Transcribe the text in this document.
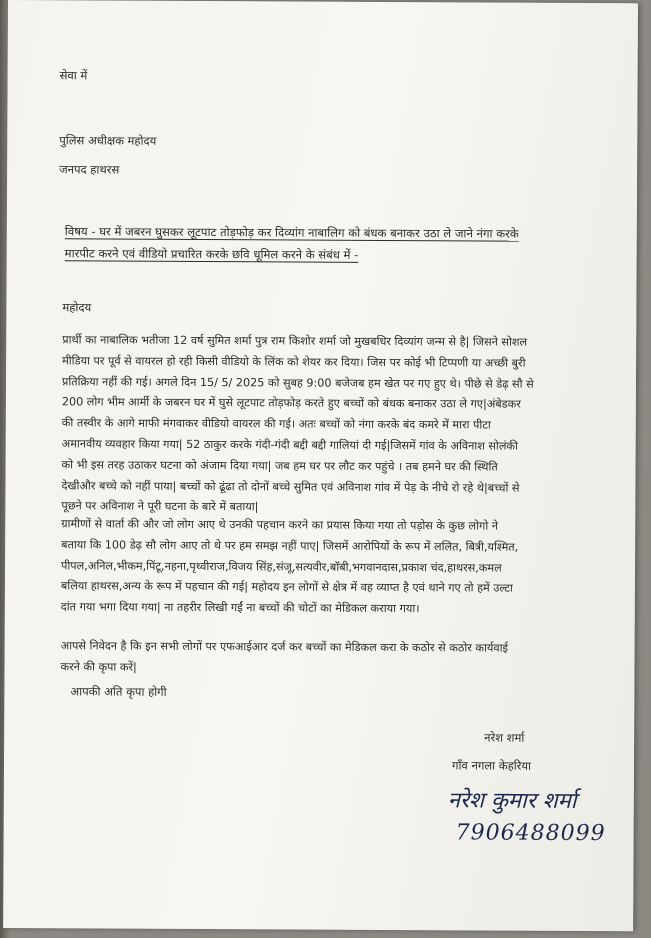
सेवा में
पुलिस अधीक्षक महोदय
जनपद हाथरस
विषय - घर में जबरन घुसकर लूटपाट तोड़फोड़ कर दिव्यांग नाबालिग को बंधक बनाकर उठा ले जाने नंगा करके
मारपीट करने एवं वीडियो प्रचारित करके छवि धूमिल करने के संबंध में -
महोदय
प्रार्थी का नाबालिक भतीजा 12 वर्ष सुमित शर्मा पुत्र राम किशोर शर्मा जो मुखबधिर दिव्यांग जन्म से है| जिसने सोशल
मीडिया पर पूर्व से वायरल हो रही किसी वीडियो के लिंक को शेयर कर दिया। जिस पर कोई भी टिप्पणी या अच्छी बुरी
प्रतिक्रिया नहीं की गई। अगले दिन 15/ 5/ 2025 को सुबह 9:00 बजेजब हम खेत पर गए हुए थे। पीछे से डेढ़ सौ से
200 लोग भीम आर्मी के जबरन घर में घुसे लूटपाट तोड़फोड़ करते हुए बच्चों को बंधक बनाकर उठा ले गए|अंबेडकर
की तस्वीर के आगे माफी मंगवाकर वीडियो वायरल की गई। अतः बच्चों को नंगा करके बंद कमरे में मारा पीटा
अमानवीय व्यवहार किया गया| 52 ठाकुर करके गंदी-गंदी बद्दी बद्दी गालियां दी गई|जिसमें गांव के अविनाश सोलंकी
को भी इस तरह उठाकर घटना को अंजाम दिया गया| जब हम घर पर लौट कर पहुंचे । तब हमने घर की स्थिति
देखीऔर बच्चे को नहीं पाया| बच्चों को ढूंढा तो दोनों बच्चे सुमित एवं अविनाश गांव में पेड़ के नीचे रो रहे थे|बच्चों से
पूछने पर अविनाश ने पूरी घटना के बारे में बताया|
ग्रामीणों से वार्ता की और जो लोग आए थे उनकी पहचान करने का प्रयास किया गया तो पड़ोस के कुछ लोगो ने
बताया कि 100 डेढ़ सौ लोग आए तो थे पर हम समझ नहीं पाए| जिसमें आरोपियों के रूप में ललित, बित्री,यश्मित,
पीपल,अनिल,भीकम,पिंटू,नहना,पृथ्वीराज,विजय सिंह,संजू,सत्यवीर,बॉबी,भगवानदास,प्रकाश चंद,हाथरस,कमल
बलिया हाथरस,अन्य के रूप में पहचान की गई| महोदय इन लोगों से क्षेत्र में वह व्याप्त है एवं थाने गए तो हमें उल्टा
दांत गया भगा दिया गया| ना तहरीर लिखी गईं ना बच्चों की चोटों का मेडिकल कराया गया।
आपसे निवेदन है कि इन सभी लोगों पर एफआईआर दर्ज कर बच्चों का मेडिकल करा के कठोर से कठोर कार्यवाई
करने की कृपा करें|
आपकी अति कृपा होगी
नरेश शर्मा
गाँव नगला केहरिया
नरेश कुमार शर्मा
7906488099
